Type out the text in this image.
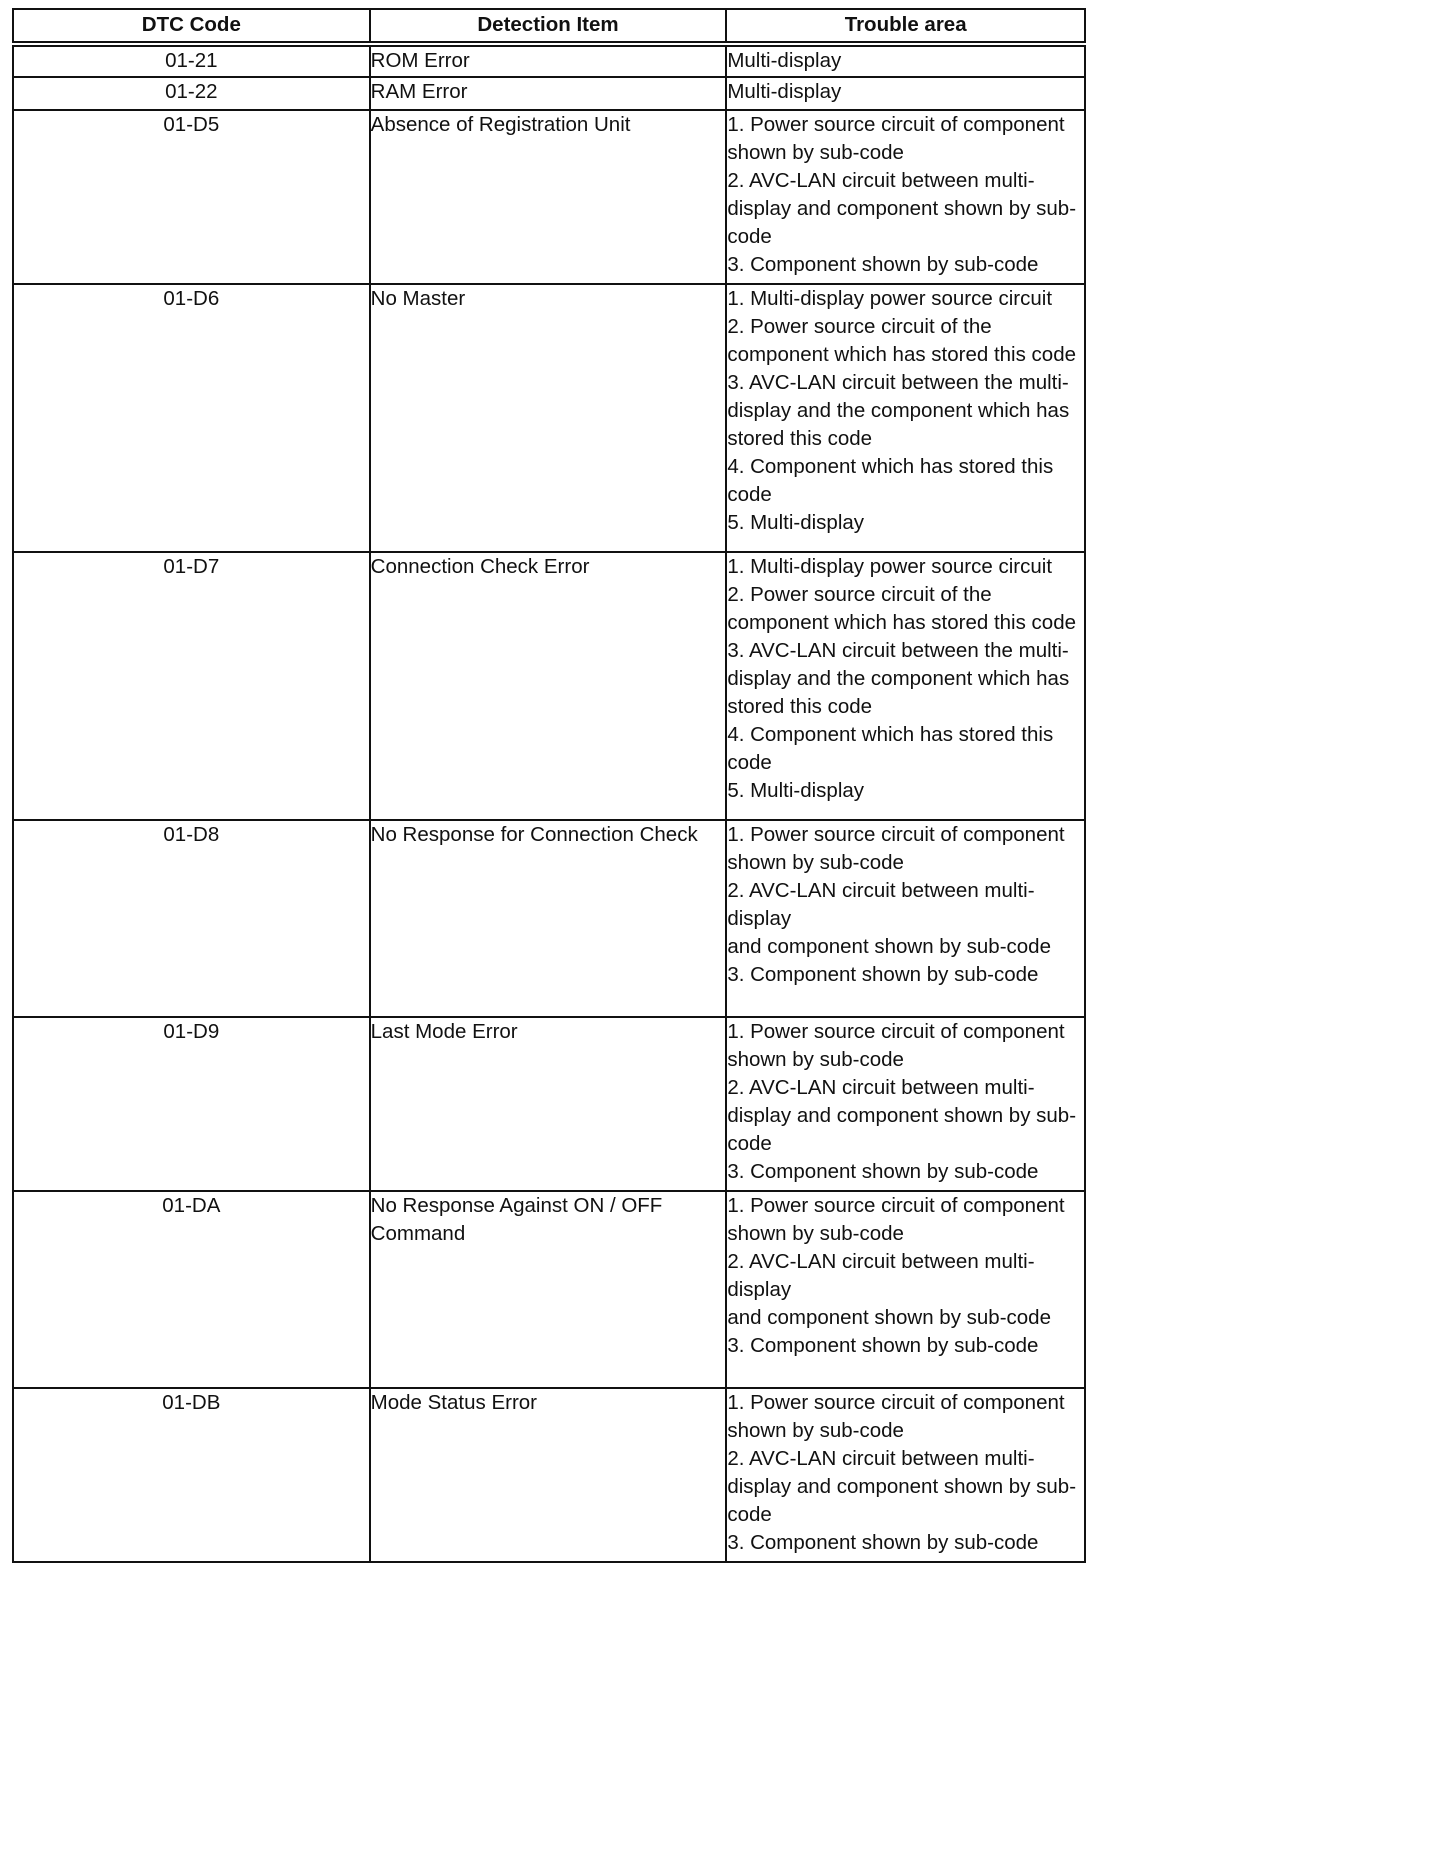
DTC Code	Detection Item	Trouble area
01-21	ROM Error	Multi-display

01-22	RAM Error	Multi-display

01-D5	Absence of Registration Unit	1. Power source circuit of component shown by sub-code
2. AVC-LAN circuit between multi-display and component shown by sub-code
3. Component shown by sub-code

01-D6	No Master	1. Multi-display power source circuit
2. Power source circuit of the component which has stored this code
3. AVC-LAN circuit between the multi-display and the component which has stored this code
4. Component which has stored this code
5. Multi-display

01-D7	Connection Check Error	1. Multi-display power source circuit
2. Power source circuit of the component which has stored this code
3. AVC-LAN circuit between the multi-display and the component which has stored this code
4. Component which has stored this code
5. Multi-display

01-D8	No Response for Connection Check	1. Power source circuit of component shown by sub-code
2. AVC-LAN circuit between multi-display
and component shown by sub-code
3. Component shown by sub-code

01-D9	Last Mode Error	1. Power source circuit of component shown by sub-code
2. AVC-LAN circuit between multi-display and component shown by sub-code
3. Component shown by sub-code

01-DA	No Response Against ON / OFF Command	1. Power source circuit of component shown by sub-code
2. AVC-LAN circuit between multi-display
and component shown by sub-code
3. Component shown by sub-code

01-DB	Mode Status Error	1. Power source circuit of component shown by sub-code
2. AVC-LAN circuit between multi-display and component shown by sub-code
3. Component shown by sub-code
